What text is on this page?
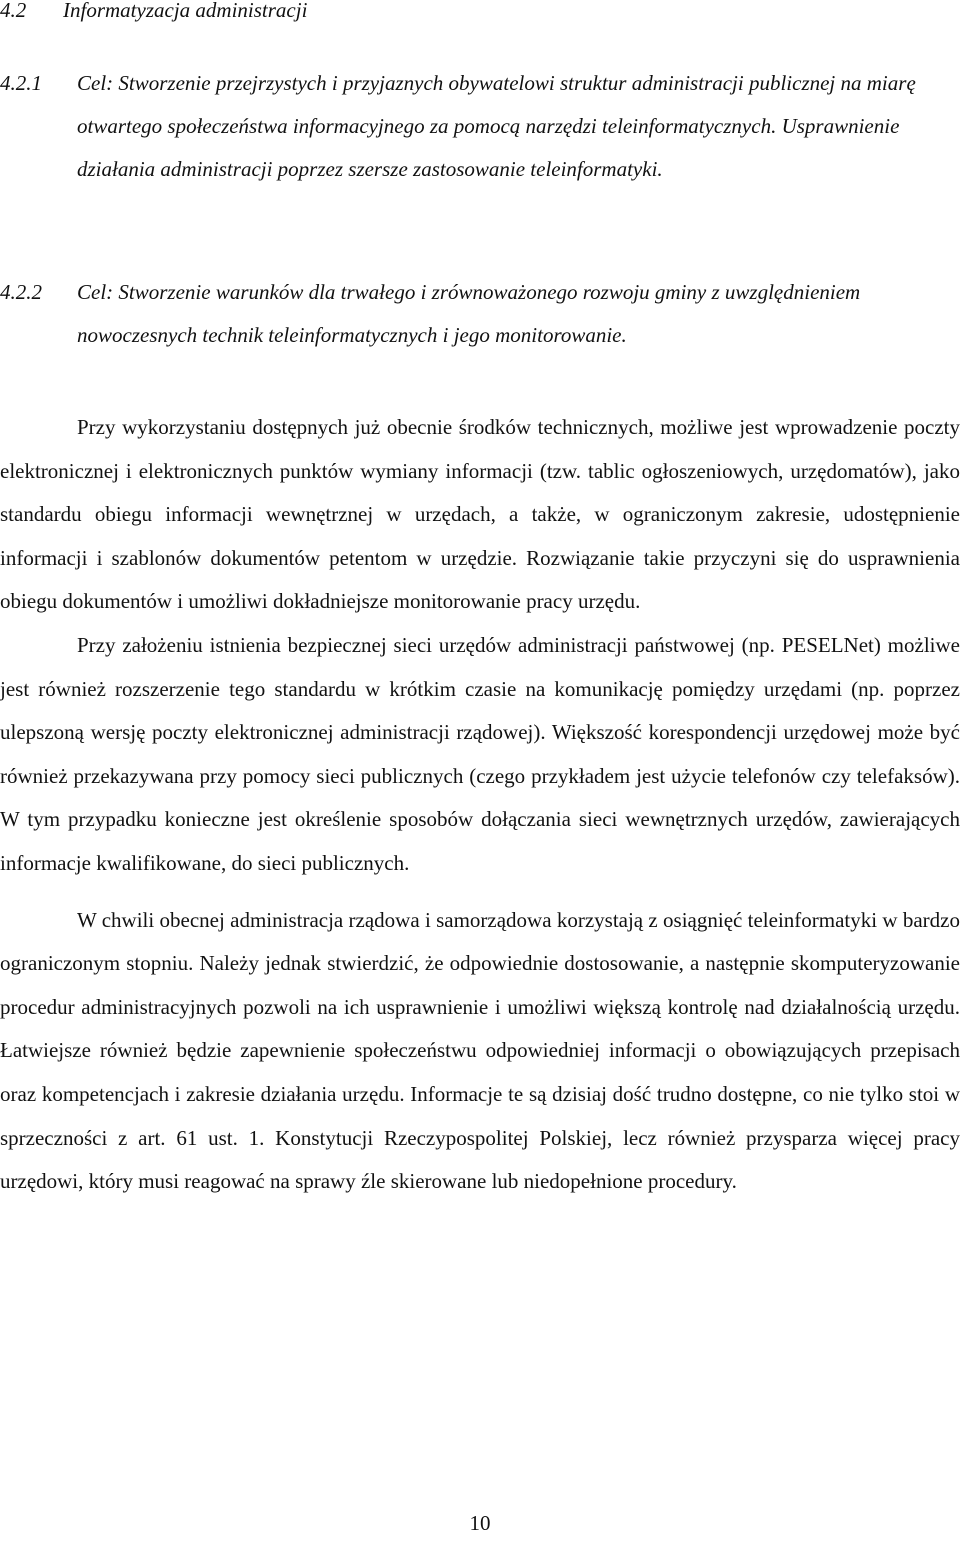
4.2	Informatyzacja administracji
4.2.1	Cel: Stworzenie przejrzystych i przyjaznych obywatelowi struktur administracji publicznej na miarę otwartego społeczeństwa informacyjnego za pomocą narzędzi teleinformatycznych. Usprawnienie działania administracji poprzez szersze zastosowanie teleinformatyki.
4.2.2	Cel: Stworzenie warunków dla trwałego i zrównoważonego rozwoju gminy z uwzględnieniem nowoczesnych technik teleinformatycznych i jego monitorowanie.

Przy wykorzystaniu dostępnych już obecnie środków technicznych, możliwe jest wprowadzenie poczty elektronicznej i elektronicznych punktów wymiany informacji (tzw. tablic ogłoszeniowych, urzędomatów), jako standardu obiegu informacji wewnętrznej w urzędach, a także, w ograniczonym zakresie, udostępnienie informacji i szablonów dokumentów petentom w urzędzie. Rozwiązanie takie przyczyni się do usprawnienia obiegu dokumentów i umożliwi dokładniejsze monitorowanie pracy urzędu.

Przy założeniu istnienia bezpiecznej sieci urzędów administracji państwowej (np. PESELNet) możliwe jest również rozszerzenie tego standardu w krótkim czasie na komunikację pomiędzy urzędami (np. poprzez ulepszoną wersję poczty elektronicznej administracji rządowej). Większość korespondencji urzędowej może być również przekazywana przy pomocy sieci publicznych (czego przykładem jest użycie telefonów czy telefaksów). W tym przypadku konieczne jest określenie sposobów dołączania sieci wewnętrznych urzędów, zawierających informacje kwalifikowane, do sieci publicznych.

W chwili obecnej administracja rządowa i samorządowa korzystają z osiągnięć teleinformatyki w bardzo ograniczonym stopniu. Należy jednak stwierdzić, że odpowiednie dostosowanie, a następnie skomputeryzowanie procedur administracyjnych pozwoli na ich usprawnienie i umożliwi większą kontrolę nad działalnością urzędu. Łatwiejsze również będzie zapewnienie społeczeństwu odpowiedniej informacji o obowiązujących przepisach oraz kompetencjach i zakresie działania urzędu. Informacje te są dzisiaj dość trudno dostępne, co nie tylko stoi w sprzeczności z art. 61 ust. 1. Konstytucji Rzeczypospolitej Polskiej, lecz również przysparza więcej pracy urzędowi, który musi reagować na sprawy źle skierowane lub niedopełnione procedury.

10
